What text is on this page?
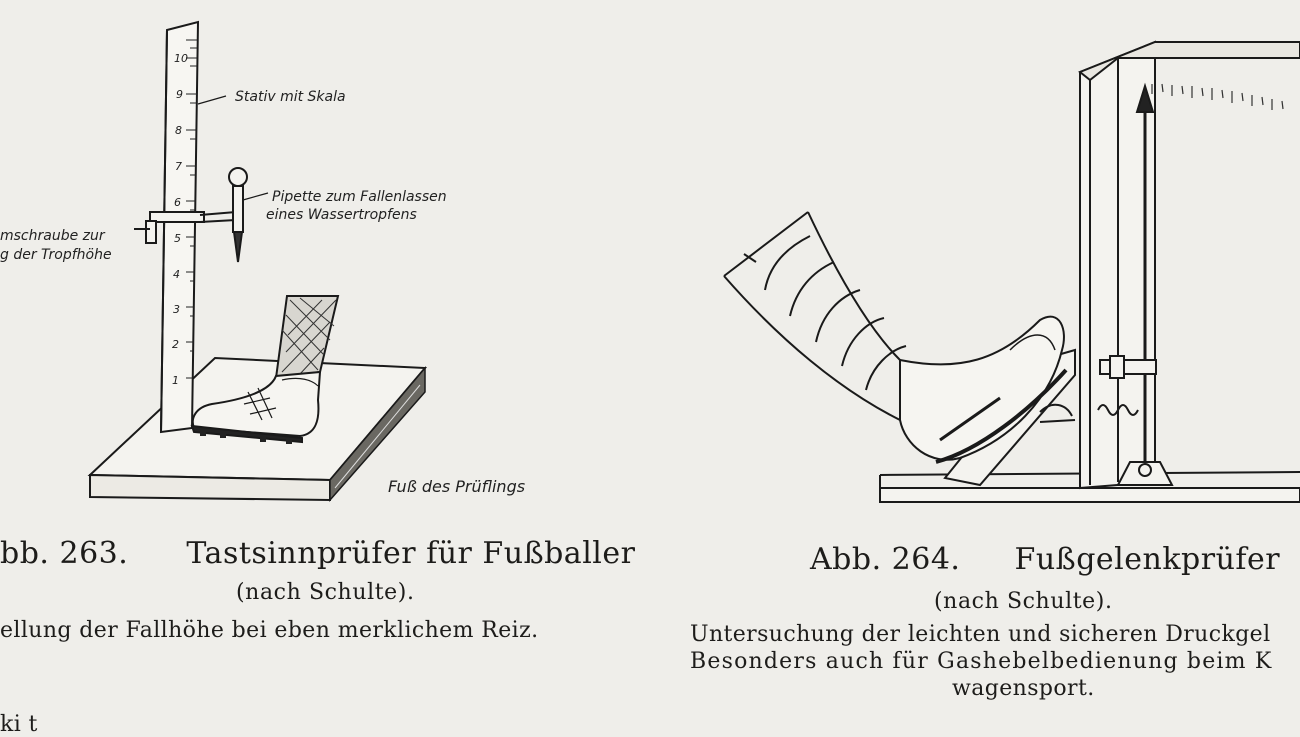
10
9
8
7
6
5
4
3
2
1
Stativ mit Skala
Pipette zum Fallenlassen
eines Wassertropfens
mschraube zur
g der Tropfhöhe
Fuß des Prüflings
bb. 263. Tastsinnprüfer für Fußballer
(nach Schulte).
ellung der Fallhöhe bei eben merklichem Reiz.
Abb. 264. Fußgelenkprüfer
(nach Schulte).
Untersuchung der leichten und sicheren Druckgel
Besonders auch für Gashebelbedienung beim K
wagensport.
ki t
